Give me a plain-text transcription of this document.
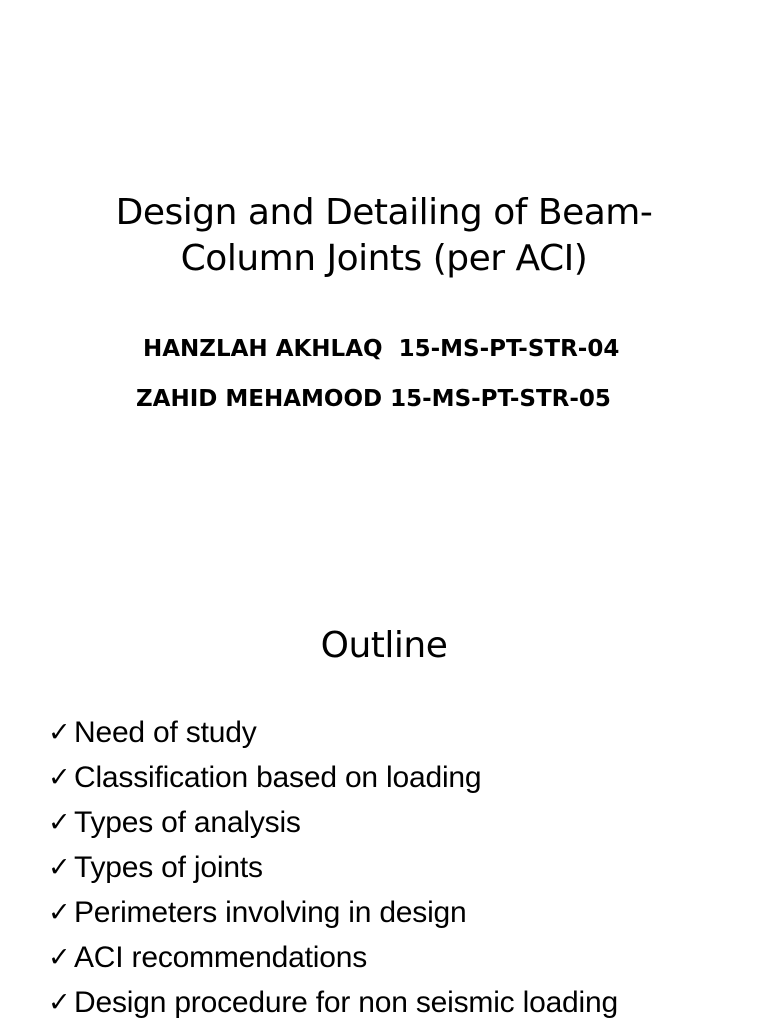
Design and Detailing of Beam-
Column Joints (per ACI)
HANZLAH AKHLAQ  15-MS-PT-STR-04
ZAHID MEHAMOOD 15-MS-PT-STR-05
Outline
✓ Need of study
✓ Classification based on loading
✓ Types of analysis
✓ Types of joints
✓ Perimeters involving in design
✓ ACI recommendations
✓ Design procedure for non seismic loading
